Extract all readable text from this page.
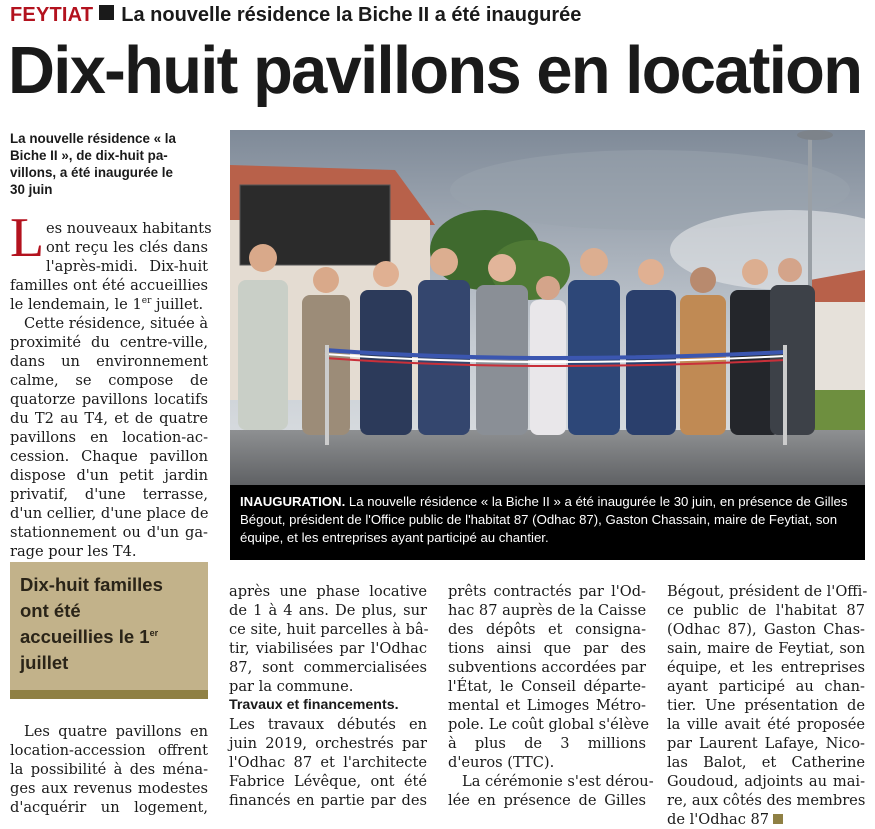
FEYTIAT La nouvelle résidence la Biche II a été inaugurée
Dix-huit pavillons en location
La nouvelle résidence « la
Biche II », de dix-huit pa-
villons, a été inaugurée le
30 juin
L es nouveaux habitants
ont reçu les clés dans
l'après-midi. Dix-huit
familles ont été accueillies
le lendemain, le 1er juillet.
Cette résidence, située à
proximité du centre-ville,
dans un environnement
calme, se compose de
quatorze pavillons locatifs
du T2 au T4, et de quatre
pavillons en location-ac-
cession. Chaque pavillon
dispose d'un petit jardin
privatif, d'une terrasse,
d'un cellier, d'une place de
stationnement ou d'un ga-
rage pour les T4.
INAUGURATION. La nouvelle résidence « la Biche II » a été inaugurée le 30 juin, en présence de Gilles
Bégout, président de l'Office public de l'habitat 87 (Odhac 87), Gaston Chassain, maire de Feytiat, son
équipe, et les entreprises ayant participé au chantier.
Dix-huit familles
ont été
accueillies le 1er
juillet
Les quatre pavillons en
location-accession offrent
la possibilité à des ména-
ges aux revenus modestes
d'acquérir un logement,
après une phase locative
de 1 à 4 ans. De plus, sur
ce site, huit parcelles à bâ-
tir, viabilisées par l'Odhac
87, sont commercialisées
par la commune.
Travaux et financements.
Les travaux débutés en
juin 2019, orchestrés par
l'Odhac 87 et l'architecte
Fabrice Lévêque, ont été
financés en partie par des
prêts contractés par l'Od-
hac 87 auprès de la Caisse
des dépôts et consigna-
tions ainsi que par des
subventions accordées par
l'État, le Conseil départe-
mental et Limoges Métro-
pole. Le coût global s'élève
à plus de 3 millions
d'euros (TTC).
La cérémonie s'est dérou-
lée en présence de Gilles
Bégout, président de l'Offi-
ce public de l'habitat 87
(Odhac 87), Gaston Chas-
sain, maire de Feytiat, son
équipe, et les entreprises
ayant participé au chan-
tier. Une présentation de
la ville avait été proposée
par Laurent Lafaye, Nico-
las Balot, et Catherine
Goudoud, adjoints au mai-
re, aux côtés des membres
de l'Odhac 87
